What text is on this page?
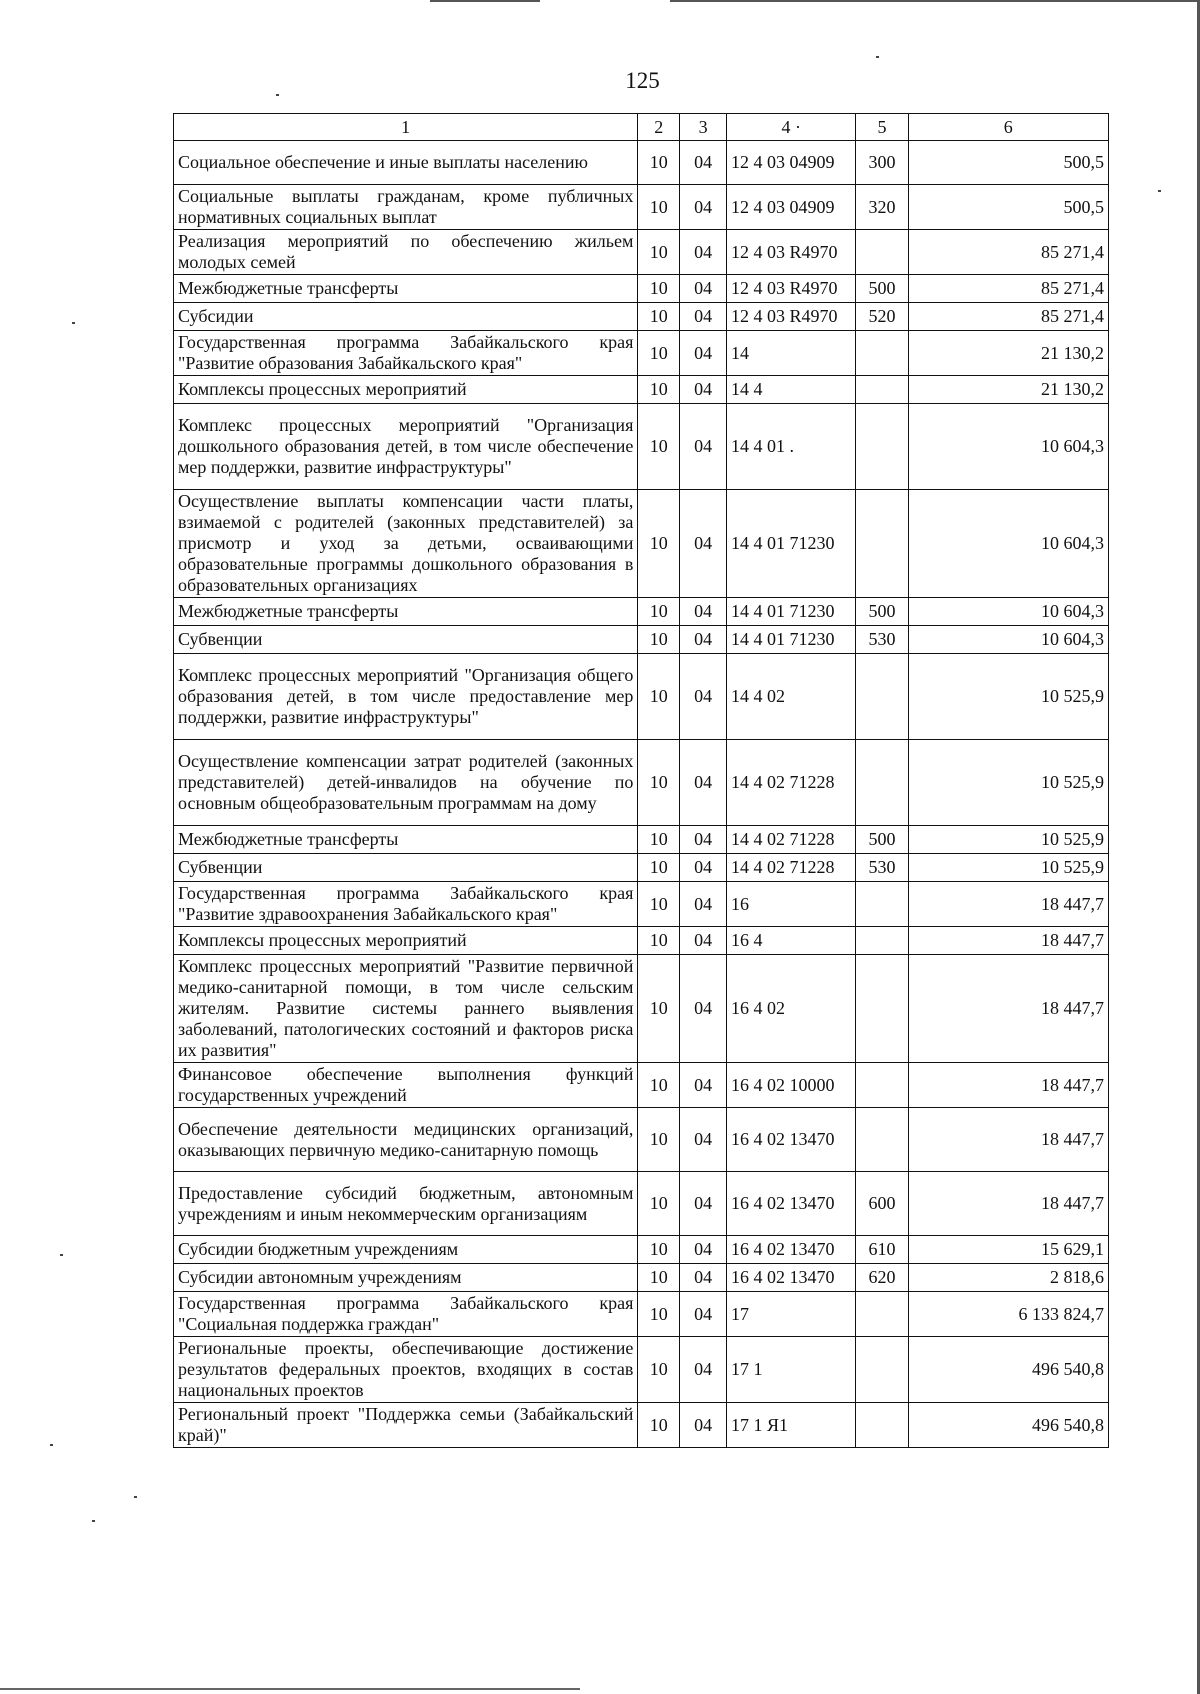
125
1	2	3	4 ·	5	6
Социальное обеспечение и иные выплаты населению	10	04	12 4 03 04909	300	500,5
Социальные выплаты гражданам, кроме публичных нормативных социальных выплат	10	04	12 4 03 04909	320	500,5
Реализация мероприятий по обеспечению жильем молодых семей	10	04	12 4 03 R4970		85 271,4
Межбюджетные трансферты	10	04	12 4 03 R4970	500	85 271,4
Субсидии	10	04	12 4 03 R4970	520	85 271,4
Государственная программа Забайкальского края "Развитие образования Забайкальского края"	10	04	14		21 130,2
Комплексы процессных мероприятий	10	04	14 4		21 130,2
Комплекс процессных мероприятий "Организация дошкольного образования детей, в том числе обеспечение мер поддержки, развитие инфраструктуры"	10	04	14 4 01 .		10 604,3
Осуществление выплаты компенсации части платы, взимаемой с родителей (законных представителей) за присмотр и уход за детьми, осваивающими образовательные программы дошкольного образования в образовательных организациях	10	04	14 4 01 71230		10 604,3
Межбюджетные трансферты	10	04	14 4 01 71230	500	10 604,3
Субвенции	10	04	14 4 01 71230	530	10 604,3
Комплекс процессных мероприятий "Организация общего образования детей, в том числе предоставление мер поддержки, развитие инфраструктуры"	10	04	14 4 02		10 525,9
Осуществление компенсации затрат родителей (законных представителей) детей-инвалидов на обучение по основным общеобразовательным программам на дому	10	04	14 4 02 71228		10 525,9
Межбюджетные трансферты	10	04	14 4 02 71228	500	10 525,9
Субвенции	10	04	14 4 02 71228	530	10 525,9
Государственная программа Забайкальского края "Развитие здравоохранения Забайкальского края"	10	04	16		18 447,7
Комплексы процессных мероприятий	10	04	16 4		18 447,7
Комплекс процессных мероприятий "Развитие первичной медико-санитарной помощи, в том числе сельским жителям. Развитие системы раннего выявления заболеваний, патологических состояний и факторов риска их развития"	10	04	16 4 02		18 447,7
Финансовое обеспечение выполнения функций государственных учреждений	10	04	16 4 02 10000		18 447,7
Обеспечение деятельности медицинских организаций, оказывающих первичную медико-санитарную помощь	10	04	16 4 02 13470		18 447,7
Предоставление субсидий бюджетным, автономным учреждениям и иным некоммерческим организациям	10	04	16 4 02 13470	600	18 447,7
Субсидии бюджетным учреждениям	10	04	16 4 02 13470	610	15 629,1
Субсидии автономным учреждениям	10	04	16 4 02 13470	620	2 818,6
Государственная программа Забайкальского края "Социальная поддержка граждан"	10	04	17		6 133 824,7
Региональные проекты, обеспечивающие достижение результатов федеральных проектов, входящих в состав национальных проектов	10	04	17 1		496 540,8
Региональный проект "Поддержка семьи (Забайкальский край)"	10	04	17 1 Я1		496 540,8
